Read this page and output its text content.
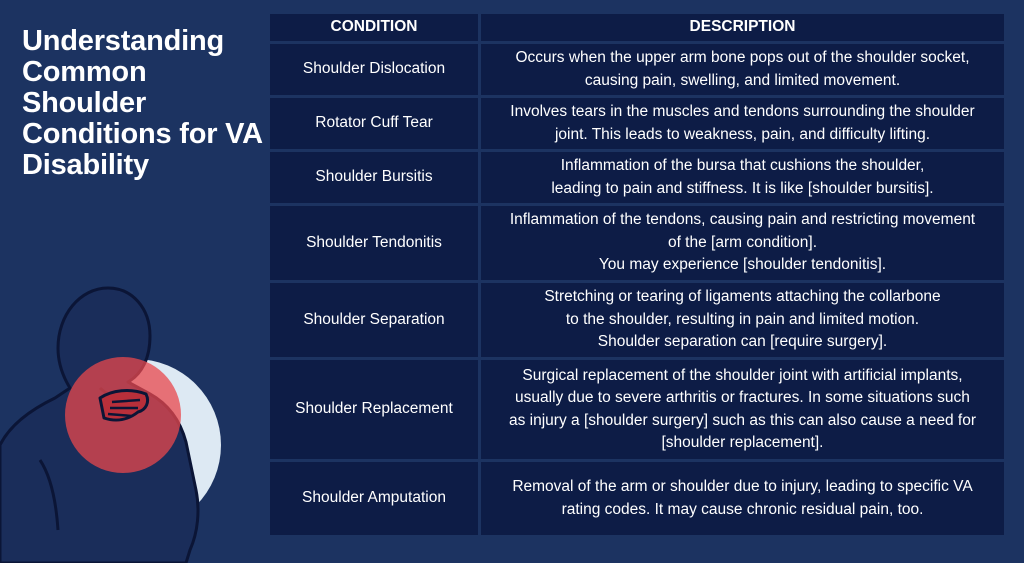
Understanding Common Shoulder Conditions for VA Disability
CONDITION	DESCRIPTION
Shoulder Dislocation
Occurs when the upper arm bone pops out of the shoulder socket,
causing pain, swelling, and limited movement.
Rotator Cuff Tear
Involves tears in the muscles and tendons surrounding the shoulder
joint. This leads to weakness, pain, and difficulty lifting.
Shoulder Bursitis
Inflammation of the bursa that cushions the shoulder,
leading to pain and stiffness. It is like [shoulder bursitis].
Shoulder Tendonitis
Inflammation of the tendons, causing pain and restricting movement
of the [arm condition].
You may experience [shoulder tendonitis].
Shoulder Separation
Stretching or tearing of ligaments attaching the collarbone
to the shoulder, resulting in pain and limited motion.
Shoulder separation can [require surgery].
Shoulder Replacement
Surgical replacement of the shoulder joint with artificial implants,
usually due to severe arthritis or fractures. In some situations such
as injury a [shoulder surgery] such as this can also cause a need for
[shoulder replacement].
Shoulder Amputation
Removal of the arm or shoulder due to injury, leading to specific VA
rating codes. It may cause chronic residual pain, too.
